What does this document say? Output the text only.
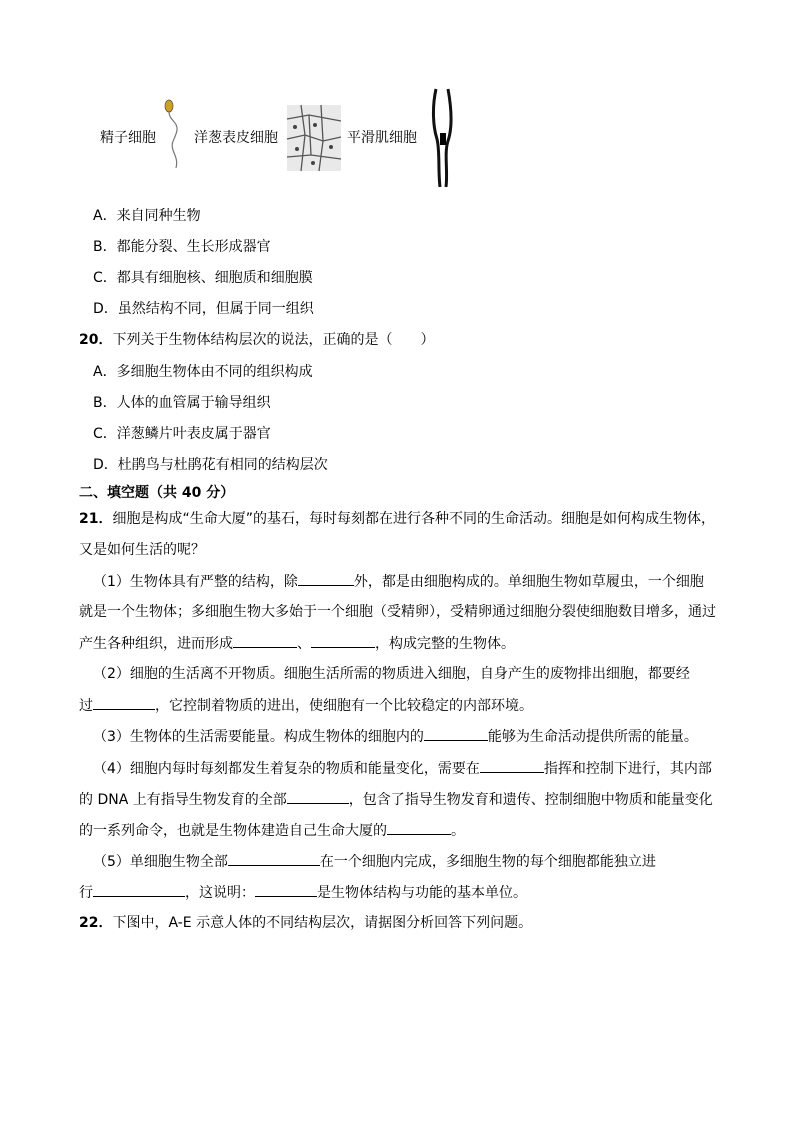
精子细胞	洋葱表皮细胞	平滑肌细胞
A．来自同种生物
B．都能分裂、生长形成器官
C．都具有细胞核、细胞质和细胞膜
D．虽然结构不同，但属于同一组织
20．下列关于生物体结构层次的说法，正确的是（　　）
A．多细胞生物体由不同的组织构成
B．人体的血管属于输导组织
C．洋葱鳞片叶表皮属于器官
D．杜鹃鸟与杜鹃花有相同的结构层次
二、填空题（共 40 分）
21．细胞是构成“生命大厦”的基石，每时每刻都在进行各种不同的生命活动。细胞是如何构成生物体，
又是如何生活的呢？
（1）生物体具有严整的结构，除	外，都是由细胞构成的。单细胞生物如草履虫，一个细胞
就是一个生物体；多细胞生物大多始于一个细胞（受精卵），受精卵通过细胞分裂使细胞数目增多，通过
产生各种组织，进而形成	、	，构成完整的生物体。
（2）细胞的生活离不开物质。细胞生活所需的物质进入细胞，自身产生的废物排出细胞，都要经
过	，它控制着物质的进出，使细胞有一个比较稳定的内部环境。
（3）生物体的生活需要能量。构成生物体的细胞内的	能够为生命活动提供所需的能量。
（4）细胞内每时每刻都发生着复杂的物质和能量变化，需要在	指挥和控制下进行，其内部
的 DNA 上有指导生物发育的全部	，包含了指导生物发育和遗传、控制细胞中物质和能量变化
的一系列命令，也就是生物体建造自己生命大厦的	。
（5）单细胞生物全部	在一个细胞内完成，多细胞生物的每个细胞都能独立进
行	，这说明：	是生物体结构与功能的基本单位。
22．下图中，A-E 示意人体的不同结构层次，请据图分析回答下列问题。
